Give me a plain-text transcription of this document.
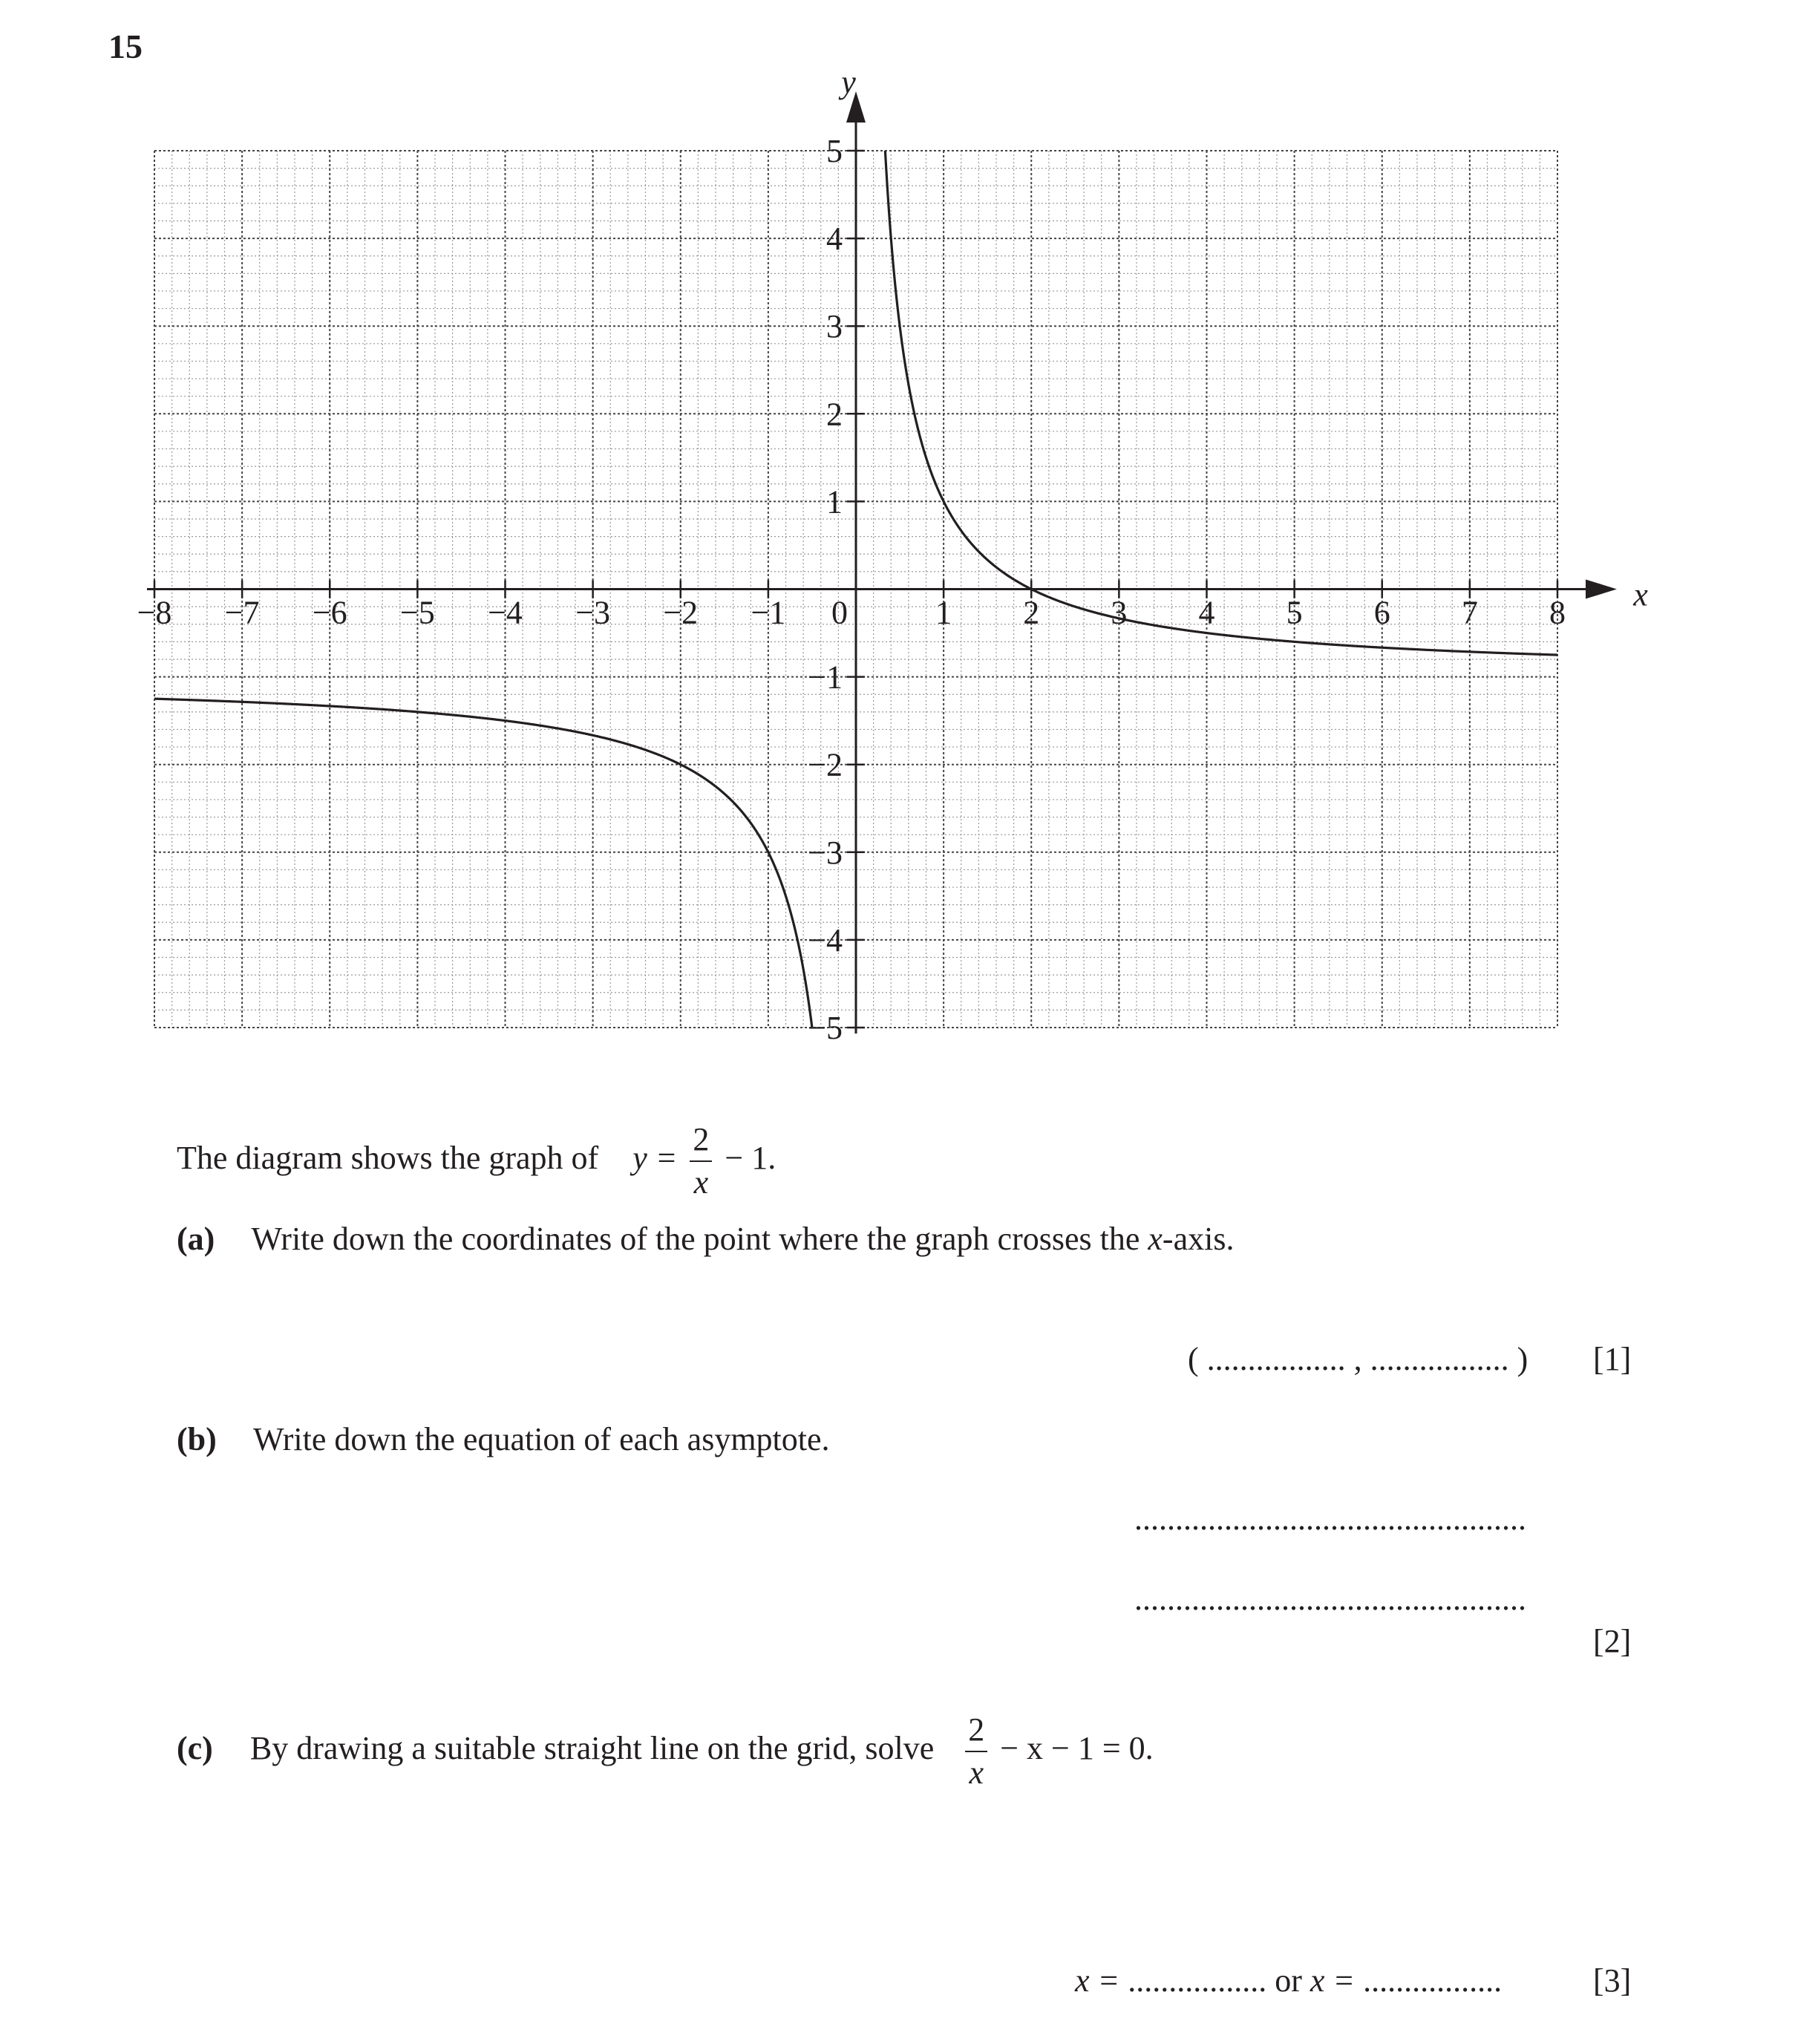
15
x
y
−8 −7 −6 −5 −4 −3 −2 −1 0	1 2 3 4 5 6 7 8
5
4
3
2
1
−1
−2
−3
−4
−5
The diagram shows the graph of $y = \frac{2}{x} - 1$.
(a) Write down the coordinates of the point where the graph crosses the x-axis.
( ................. , ................. ) [1]
(b) Write down the equation of each asymptote.
................................................
................................................
[2]
(c) By drawing a suitable straight line on the grid, solve $\frac{2}{x} - x - 1 = 0$.
x = ................. or x = .................	[3]
